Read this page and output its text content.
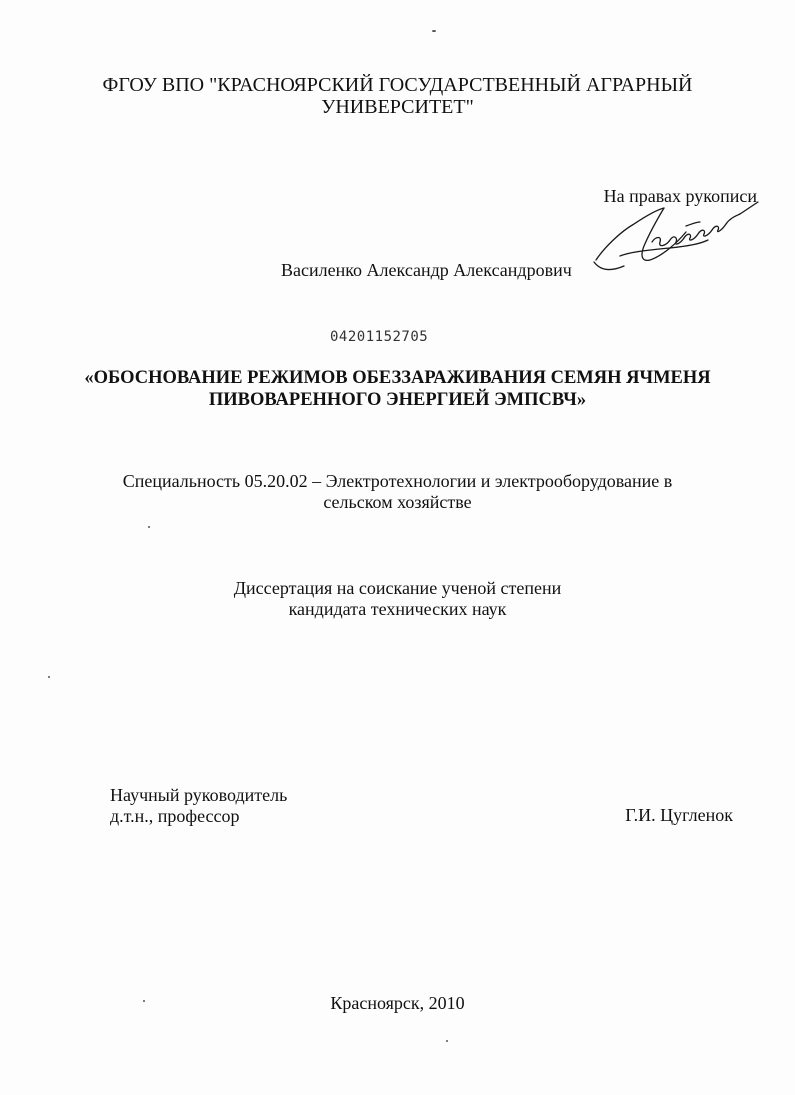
ФГОУ ВПО "КРАСНОЯРСКИЙ ГОСУДАРСТВЕННЫЙ АГРАРНЫЙ
УНИВЕРСИТЕТ"
На правах рукописи
Василенко Александр Александрович
04201152705
«ОБОСНОВАНИЕ РЕЖИМОВ ОБЕЗЗАРАЖИВАНИЯ СЕМЯН ЯЧМЕНЯ
ПИВОВАРЕННОГО ЭНЕРГИЕЙ ЭМПСВЧ»
Специальность 05.20.02 – Электротехнологии и электрооборудование в
сельском хозяйстве
Диссертация на соискание ученой степени
кандидата технических наук
Научный руководитель
д.т.н., профессор	Г.И. Цугленок
Красноярск, 2010
